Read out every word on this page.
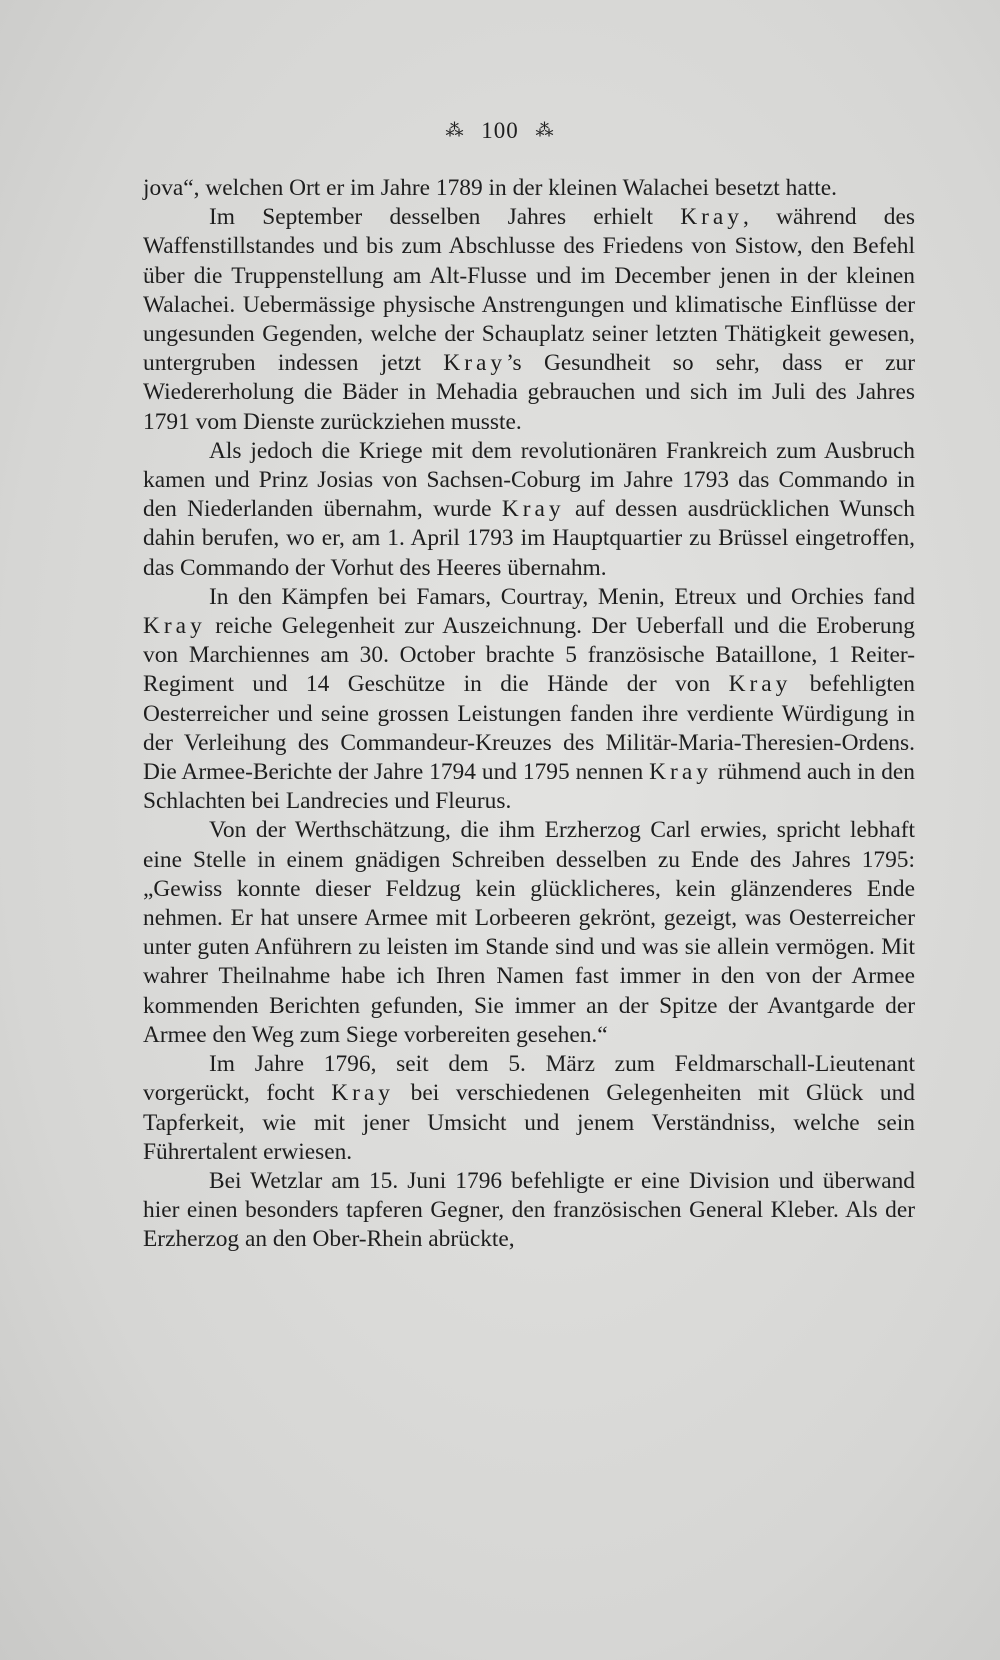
⁂ 100 ⁂

jova“, welchen Ort er im Jahre 1789 in der kleinen Walachei besetzt hatte.

Im September desselben Jahres erhielt Kray, während des Waffenstillstandes und bis zum Abschlusse des Friedens von Sistow, den Befehl über die Truppenstellung am Alt-Flusse und im December jenen in der kleinen Walachei. Uebermässige physische Anstrengungen und klimatische Einflüsse der ungesunden Gegenden, welche der Schauplatz seiner letzten Thätigkeit gewesen, untergruben indessen jetzt Kray’s Gesundheit so sehr, dass er zur Wiedererholung die Bäder in Mehadia gebrauchen und sich im Juli des Jahres 1791 vom Dienste zurückziehen musste.

Als jedoch die Kriege mit dem revolutionären Frankreich zum Ausbruch kamen und Prinz Josias von Sachsen-Coburg im Jahre 1793 das Commando in den Niederlanden übernahm, wurde Kray auf dessen ausdrücklichen Wunsch dahin berufen, wo er, am 1. April 1793 im Hauptquartier zu Brüssel eingetroffen, das Commando der Vorhut des Heeres übernahm.

In den Kämpfen bei Famars, Courtray, Menin, Etreux und Orchies fand Kray reiche Gelegenheit zur Auszeichnung. Der Ueberfall und die Eroberung von Marchiennes am 30. October brachte 5 französische Bataillone, 1 Reiter-Regiment und 14 Geschütze in die Hände der von Kray befehligten Oesterreicher und seine grossen Leistungen fanden ihre verdiente Würdigung in der Verleihung des Commandeur-Kreuzes des Militär-Maria-Theresien-Ordens. Die Armee-Berichte der Jahre 1794 und 1795 nennen Kray rühmend auch in den Schlachten bei Landrecies und Fleurus.

Von der Werthschätzung, die ihm Erzherzog Carl erwies, spricht lebhaft eine Stelle in einem gnädigen Schreiben desselben zu Ende des Jahres 1795: „Gewiss konnte dieser Feldzug kein glücklicheres, kein glänzenderes Ende nehmen. Er hat unsere Armee mit Lorbeeren gekrönt, gezeigt, was Oesterreicher unter guten Anführern zu leisten im Stande sind und was sie allein vermögen. Mit wahrer Theilnahme habe ich Ihren Namen fast immer in den von der Armee kommenden Berichten gefunden, Sie immer an der Spitze der Avantgarde der Armee den Weg zum Siege vorbereiten gesehen.“

Im Jahre 1796, seit dem 5. März zum Feldmarschall-Lieutenant vorgerückt, focht Kray bei verschiedenen Gelegenheiten mit Glück und Tapferkeit, wie mit jener Umsicht und jenem Verständniss, welche sein Führertalent erwiesen.

Bei Wetzlar am 15. Juni 1796 befehligte er eine Division und überwand hier einen besonders tapferen Gegner, den französischen General Kleber. Als der Erzherzog an den Ober-Rhein abrückte,
